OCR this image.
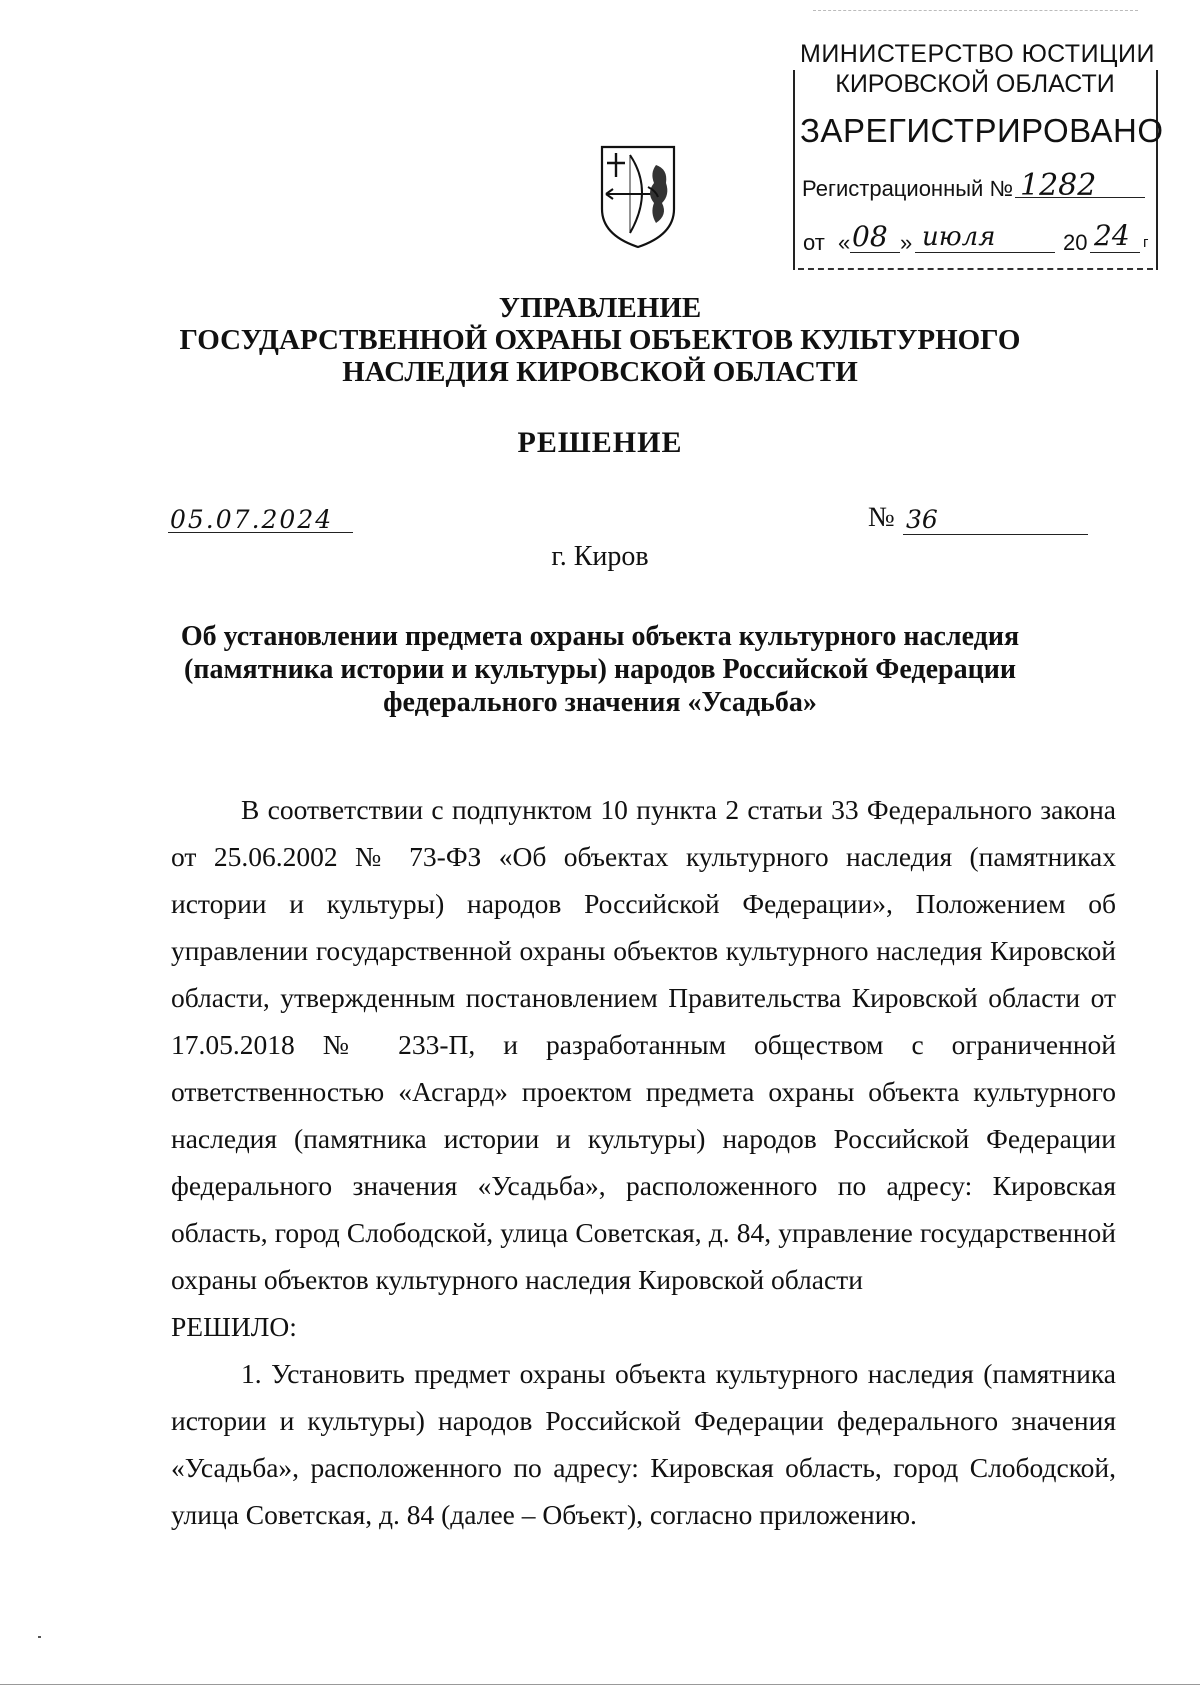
МИНИСТЕРСТВО ЮСТИЦИИ
КИРОВСКОЙ ОБЛАСТИ
ЗАРЕГИСТРИРОВАНО
Регистрационный № 1282
от « 08 » июля	20 24 г
УПРАВЛЕНИЕ
ГОСУДАРСТВЕННОЙ ОХРАНЫ ОБЪЕКТОВ КУЛЬТУРНОГО
НАСЛЕДИЯ КИРОВСКОЙ ОБЛАСТИ
РЕШЕНИЕ
05.07.2024	№ 36
г. Киров
Об установлении предмета охраны объекта культурного наследия
(памятника истории и культуры) народов Российской Федерации
федерального значения «Усадьба»

В соответствии с подпунктом 10 пункта 2 статьи 33 Федерального закона от 25.06.2002 № 73-ФЗ «Об объектах культурного наследия (памятниках истории и культуры) народов Российской Федерации», Положением об управлении государственной охраны объектов культурного наследия Кировской области, утвержденным постановлением Правительства Кировской области от 17.05.2018 № 233-П, и разработанным обществом с ограниченной ответственностью «Асгард» проектом предмета охраны объекта культурного наследия (памятника истории и культуры) народов Российской Федерации федерального значения «Усадьба», расположенного по адресу: Кировская область, город Слободской, улица Советская, д. 84, управление государственной охраны объектов культурного наследия Кировской области

РЕШИЛО:

1. Установить предмет охраны объекта культурного наследия (памятника истории и культуры) народов Российской Федерации федерального значения «Усадьба», расположенного по адресу: Кировская область, город Слободской, улица Советская, д. 84 (далее – Объект), согласно приложению.
